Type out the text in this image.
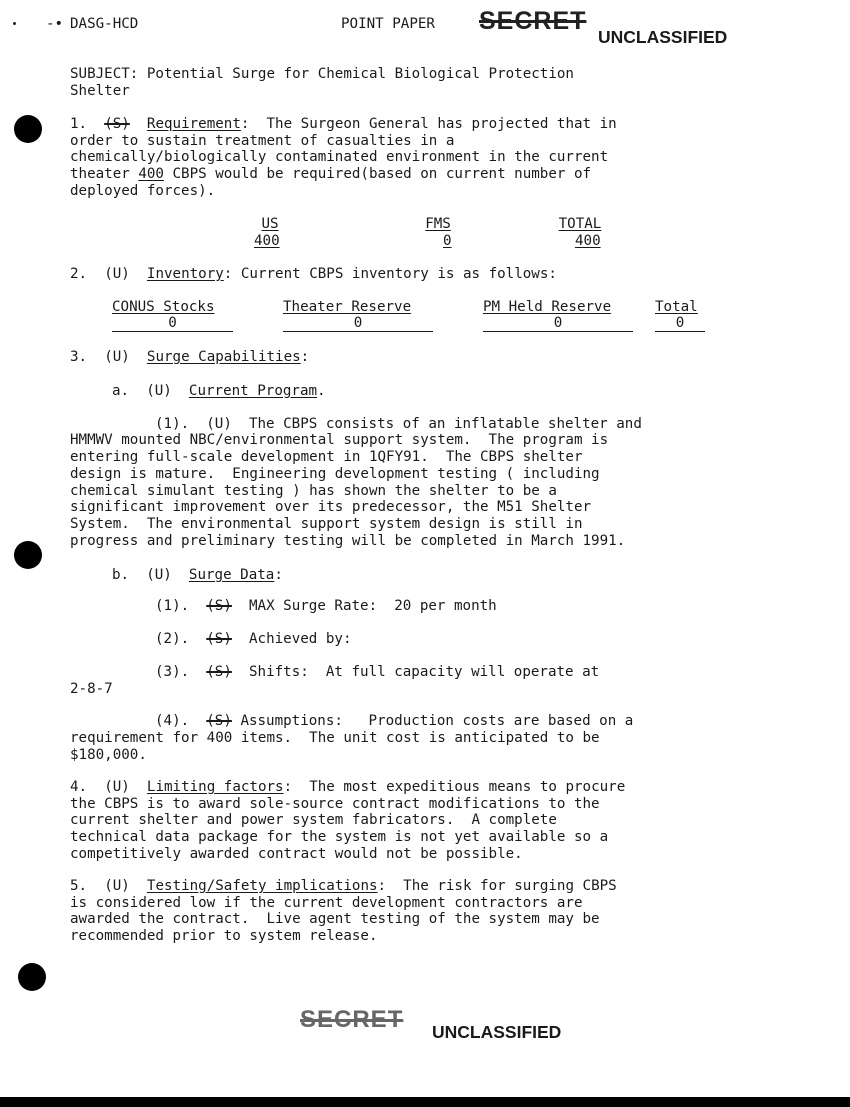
-• DASG-HCD	POINT PAPER SECRET
UNCLASSIFIED
SUBJECT: Potential Surge for Chemical Biological Protection
Shelter
1. (S) Requirement:  The Surgeon General has projected that in
order to sustain treatment of casualties in a
chemically/biologically contaminated environment in the current
theater 400 CBPS would be required(based on current number of
deployed forces).
US	FMS	TOTAL
400	0	400
2. (U) Inventory: Current CBPS inventory is as follows:
CONUS Stocks	Theater Reserve	PM Held Reserve	Total
0	0	0	0
3. (U) Surge Capabilities:
a. (U) Current Program.
(1).  (U) The CBPS consists of an inflatable shelter and
HMMWV mounted NBC/environmental support system.  The program is
entering full-scale development in 1QFY91.  The CBPS shelter
design is mature.  Engineering development testing ( including
chemical simulant testing ) has shown the shelter to be a
significant improvement over its predecessor, the M51 Shelter
System.  The environmental support system design is still in
progress and preliminary testing will be completed in March 1991.
b. (U) Surge Data:
(1). (S) MAX Surge Rate:  20 per month
(2). (S) Achieved by:
(3). (S) Shifts:  At full capacity will operate at
2-8-7
(4). (S) Assumptions:   Production costs are based on a
requirement for 400 items.  The unit cost is anticipated to be
$180,000.
4. (U) Limiting factors:  The most expeditious means to procure
the CBPS is to award sole-source contract modifications to the
current shelter and power system fabricators.  A complete
technical data package for the system is not yet available so a
competitively awarded contract would not be possible.
5. (U) Testing/Safety implications:  The risk for surging CBPS
is considered low if the current development contractors are
awarded the contract.  Live agent testing of the system may be
recommended prior to system release.
SECRET UNCLASSIFIED
